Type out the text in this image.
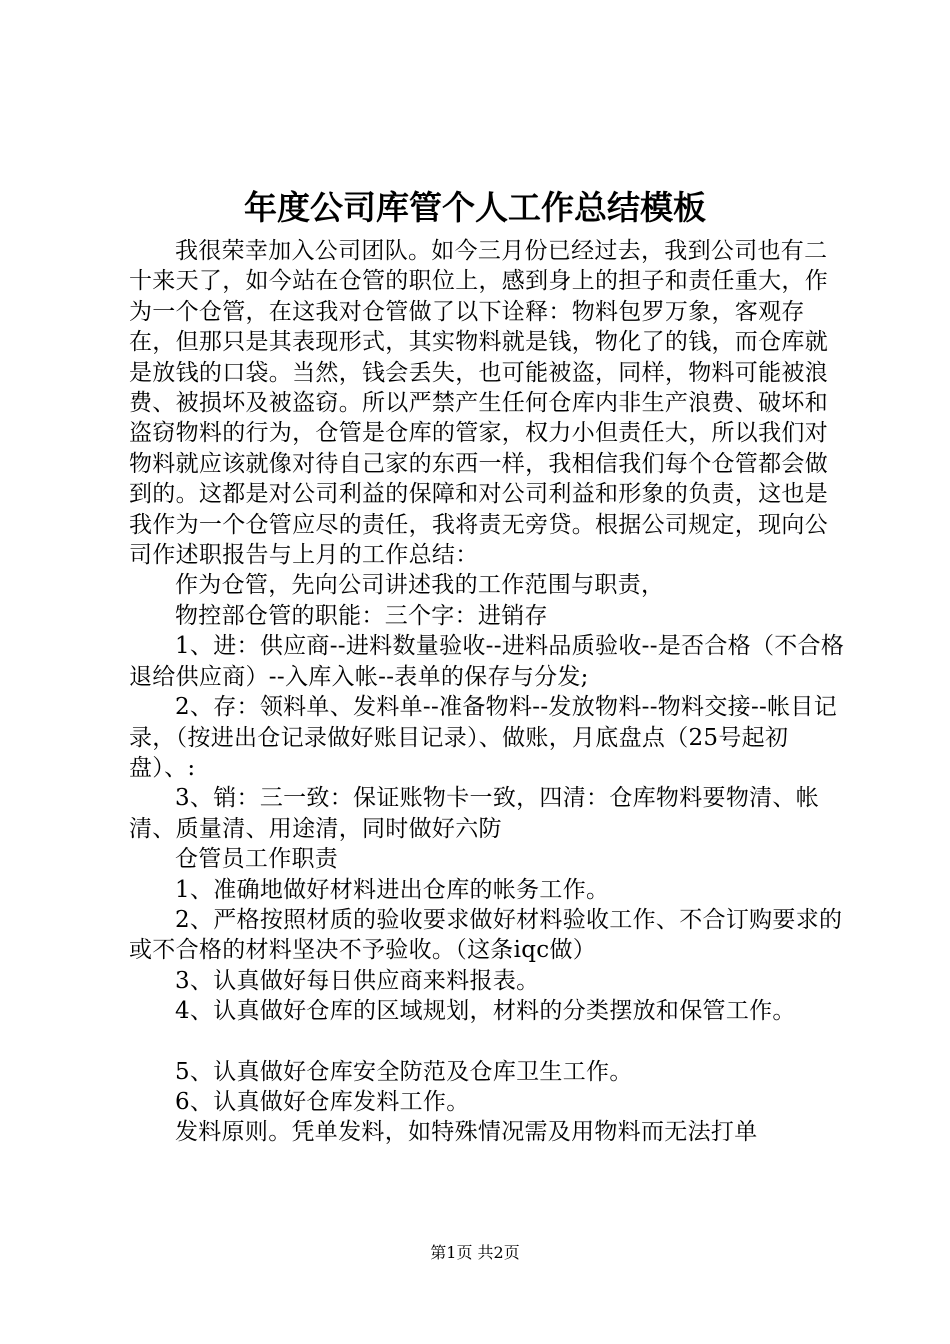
年度公司库管个人工作总结模板

我很荣幸加入公司团队。如今三月份已经过去，我到公司也有二十来天了，如今站在仓管的职位上，感到身上的担子和责任重大，作为一个仓管，在这我对仓管做了以下诠释：物料包罗万象，客观存在，但那只是其表现形式，其实物料就是钱，物化了的钱，而仓库就是放钱的口袋。当然，钱会丢失，也可能被盗，同样，物料可能被浪费、被损坏及被盗窃。所以严禁产生任何仓库内非生产浪费、破坏和盗窃物料的行为，仓管是仓库的管家，权力小但责任大，所以我们对物料就应该就像对待自己家的东西一样，我相信我们每个仓管都会做到的。这都是对公司利益的保障和对公司利益和形象的负责，这也是我作为一个仓管应尽的责任，我将责无旁贷。根据公司规定，现向公司作述职报告与上月的工作总结：

作为仓管，先向公司讲述我的工作范围与职责，

物控部仓管的职能：三个字：进销存

1、进：供应商--进料数量验收--进料品质验收--是否合格（不合格退给供应商）--入库入帐--表单的保存与分发;

2、存：领料单、发料单--准备物料--发放物料--物料交接--帐目记录，（按进出仓记录做好账目记录）、做账，月底盘点（25号起初盘）、:

3、销：三一致：保证账物卡一致，四清：仓库物料要物清、帐清、质量清、用途清，同时做好六防

仓管员工作职责

1、准确地做好材料进出仓库的帐务工作。

2、严格按照材质的验收要求做好材料验收工作、不合订购要求的或不合格的材料坚决不予验收。（这条iqc做）

3、认真做好每日供应商来料报表。

4、认真做好仓库的区域规划，材料的分类摆放和保管工作。

5、认真做好仓库安全防范及仓库卫生工作。

6、认真做好仓库发料工作。

发料原则。凭单发料，如特殊情况需及用物料而无法打单

第1页 共2页
